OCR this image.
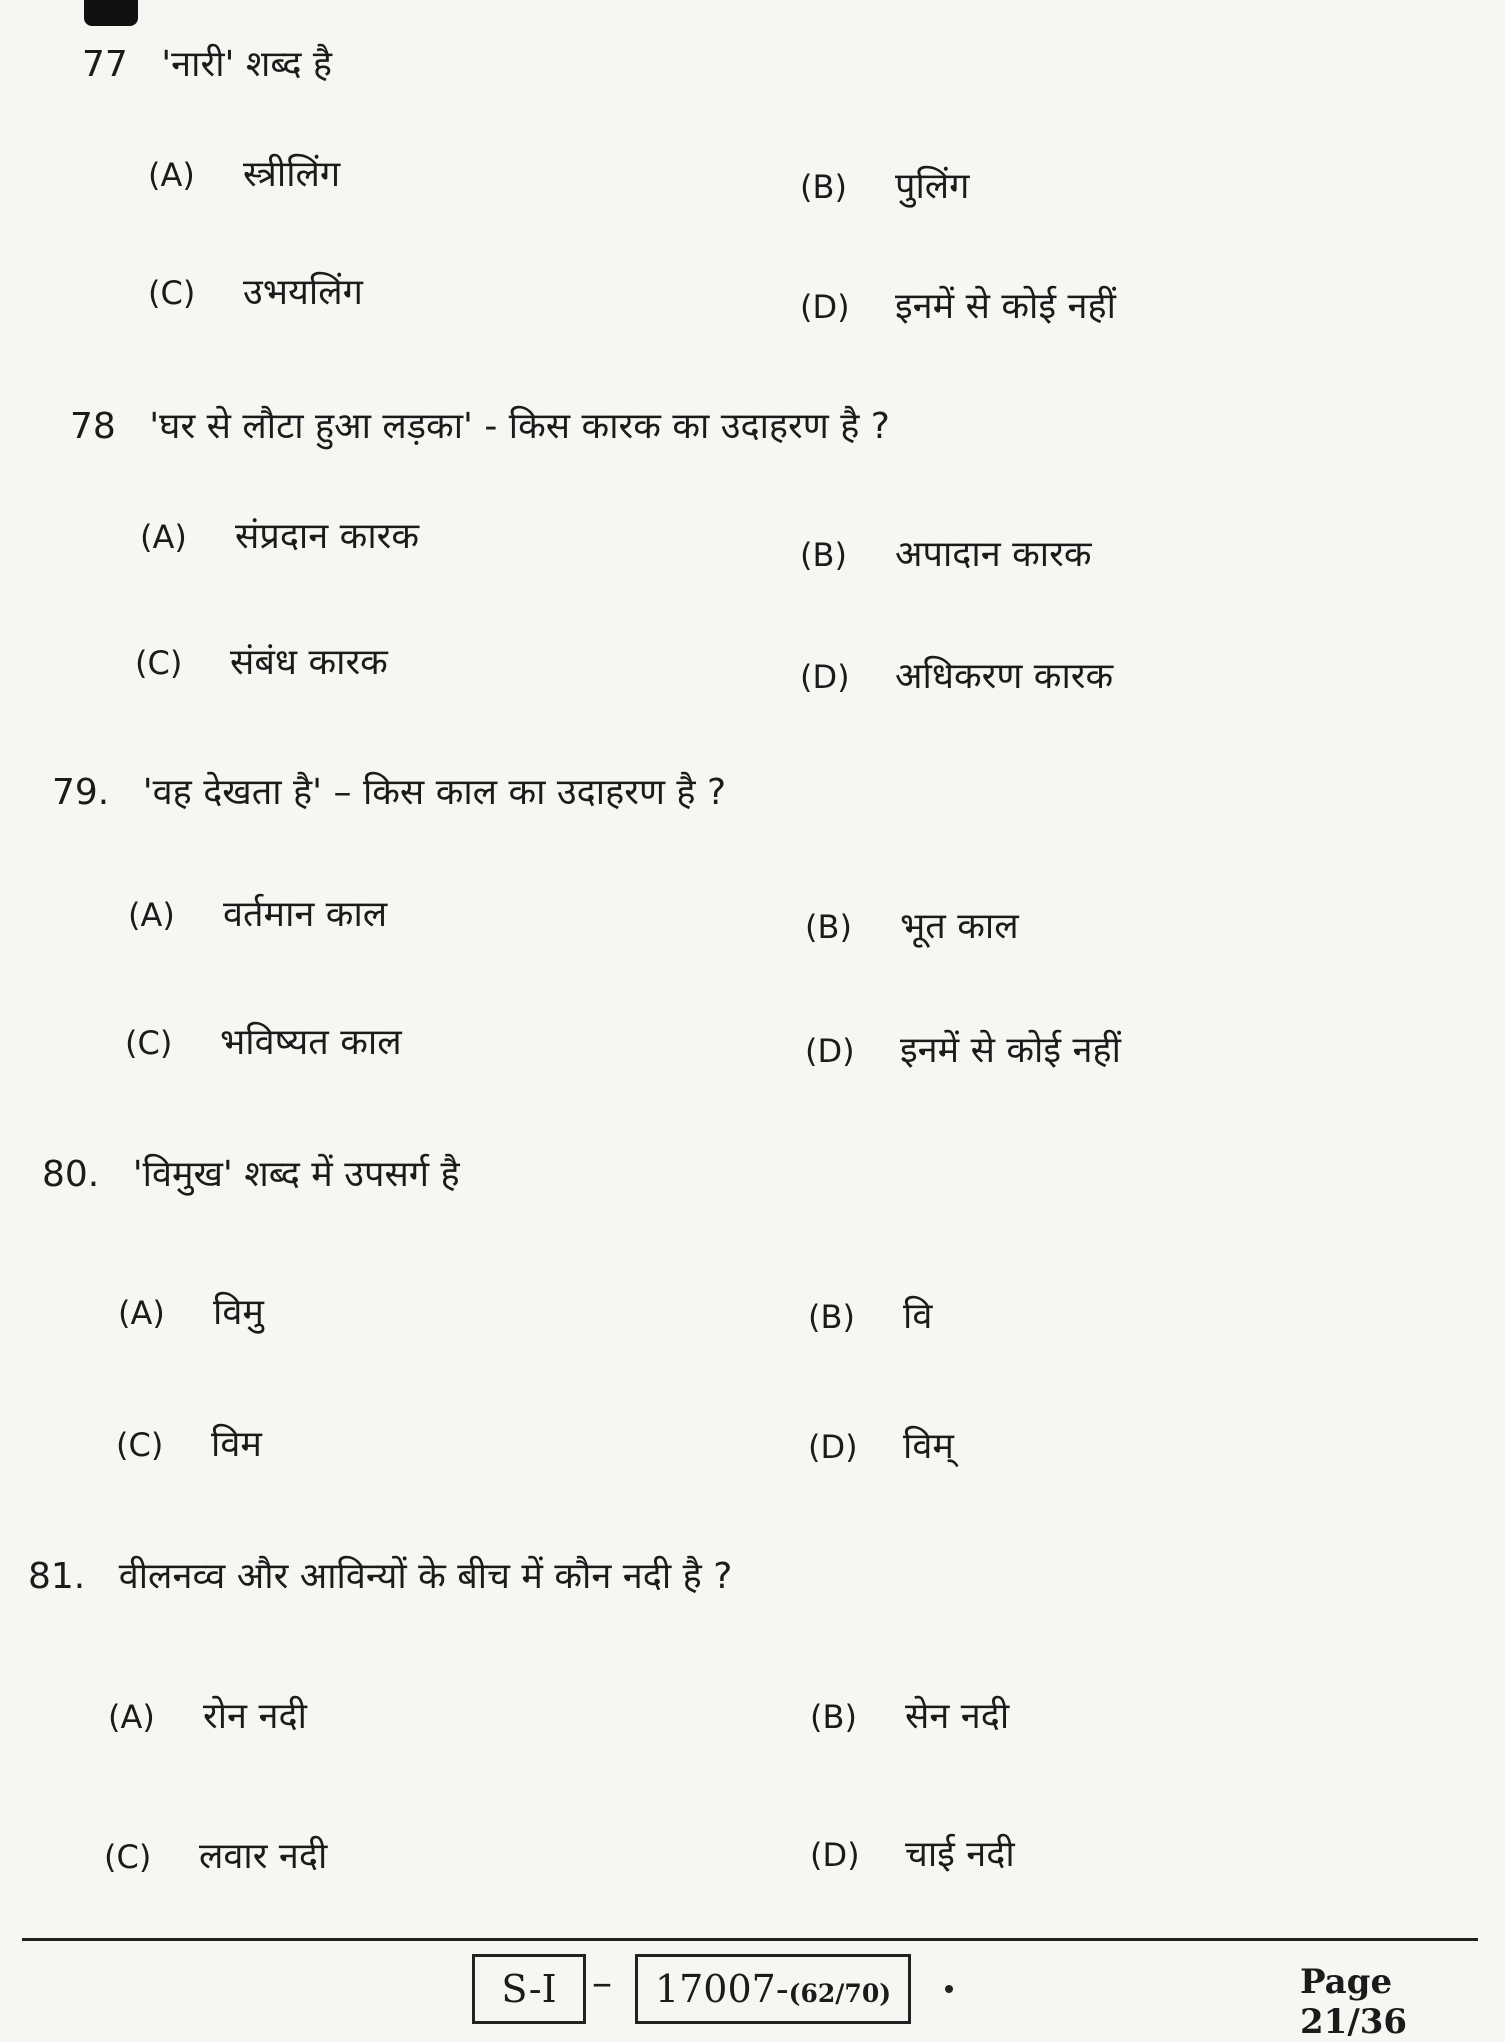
77 'नारी' शब्द है
(A) स्त्रीलिंग	(B) पुलिंग
(C) उभयलिंग	(D) इनमें से कोई नहीं
78 'घर से लौटा हुआ लड़का' - किस कारक का उदाहरण है ?
(A) संप्रदान कारक	(B) अपादान कारक
(C) संबंध कारक	(D) अधिकरण कारक
79. 'वह देखता है' – किस काल का उदाहरण है ?
(A) वर्तमान काल	(B) भूत काल
(C) भविष्यत काल	(D) इनमें से कोई नहीं
80. 'विमुख' शब्द में उपसर्ग है
(A) विमु	(B) वि
(C) विम	(D) विम्
81. वीलनव्व और आविन्यों के बीच में कौन नदी है ?
(A) रोन नदी	(B) सेन नदी
(C) लवार नदी	(D) चाई नदी
S-I –	17007-(62/70)	Page 21/36
